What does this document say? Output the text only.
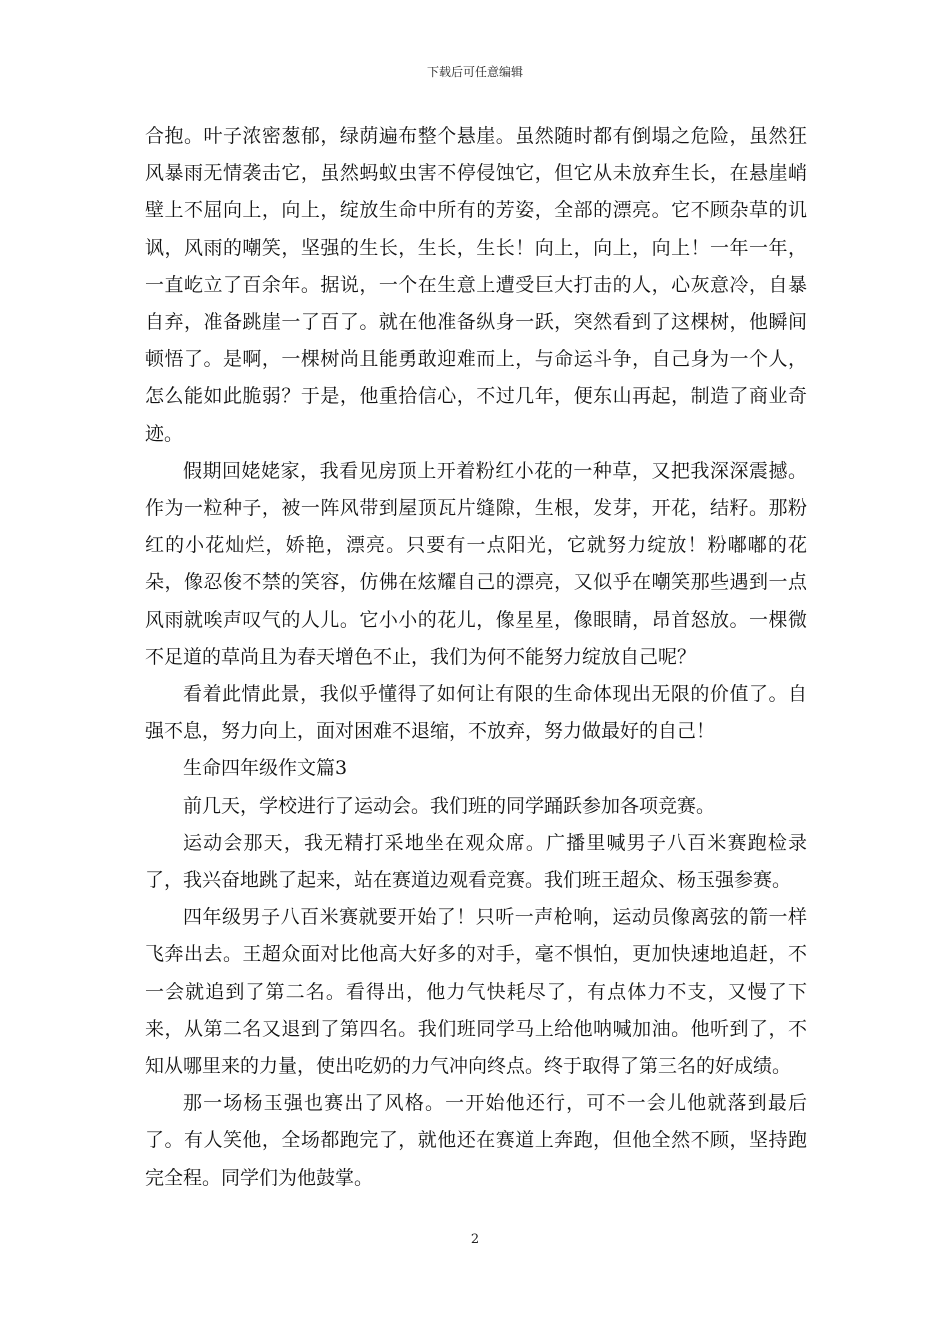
下载后可任意编辑

合抱。叶子浓密葱郁，绿荫遍布整个悬崖。虽然随时都有倒塌之危险，虽然狂风暴雨无情袭击它，虽然蚂蚁虫害不停侵蚀它，但它从未放弃生长，在悬崖峭壁上不屈向上，向上，绽放生命中所有的芳姿，全部的漂亮。它不顾杂草的讥讽，风雨的嘲笑，坚强的生长，生长，生长！向上，向上，向上！一年一年，一直屹立了百余年。据说，一个在生意上遭受巨大打击的人，心灰意冷，自暴自弃，准备跳崖一了百了。就在他准备纵身一跃，突然看到了这棵树，他瞬间顿悟了。是啊，一棵树尚且能勇敢迎难而上，与命运斗争，自己身为一个人，怎么能如此脆弱？于是，他重拾信心，不过几年，便东山再起，制造了商业奇迹。

假期回姥姥家，我看见房顶上开着粉红小花的一种草，又把我深深震撼。作为一粒种子，被一阵风带到屋顶瓦片缝隙，生根，发芽，开花，结籽。那粉红的小花灿烂，娇艳，漂亮。只要有一点阳光，它就努力绽放！粉嘟嘟的花朵，像忍俊不禁的笑容，仿佛在炫耀自己的漂亮，又似乎在嘲笑那些遇到一点风雨就唉声叹气的人儿。它小小的花儿，像星星，像眼睛，昂首怒放。一棵微不足道的草尚且为春天增色不止，我们为何不能努力绽放自己呢？

看着此情此景，我似乎懂得了如何让有限的生命体现出无限的价值了。自强不息，努力向上，面对困难不退缩，不放弃，努力做最好的自己！

生命四年级作文篇3

前几天，学校进行了运动会。我们班的同学踊跃参加各项竞赛。

运动会那天，我无精打采地坐在观众席。广播里喊男子八百米赛跑检录了，我兴奋地跳了起来，站在赛道边观看竞赛。我们班王超众、杨玉强参赛。

四年级男子八百米赛就要开始了！只听一声枪响，运动员像离弦的箭一样飞奔出去。王超众面对比他高大好多的对手，毫不惧怕，更加快速地追赶，不一会就追到了第二名。看得出，他力气快耗尽了，有点体力不支，又慢了下来，从第二名又退到了第四名。我们班同学马上给他呐喊加油。他听到了，不知从哪里来的力量，使出吃奶的力气冲向终点。终于取得了第三名的好成绩。

那一场杨玉强也赛出了风格。一开始他还行，可不一会儿他就落到最后了。有人笑他，全场都跑完了，就他还在赛道上奔跑，但他全然不顾，坚持跑完全程。同学们为他鼓掌。

2
